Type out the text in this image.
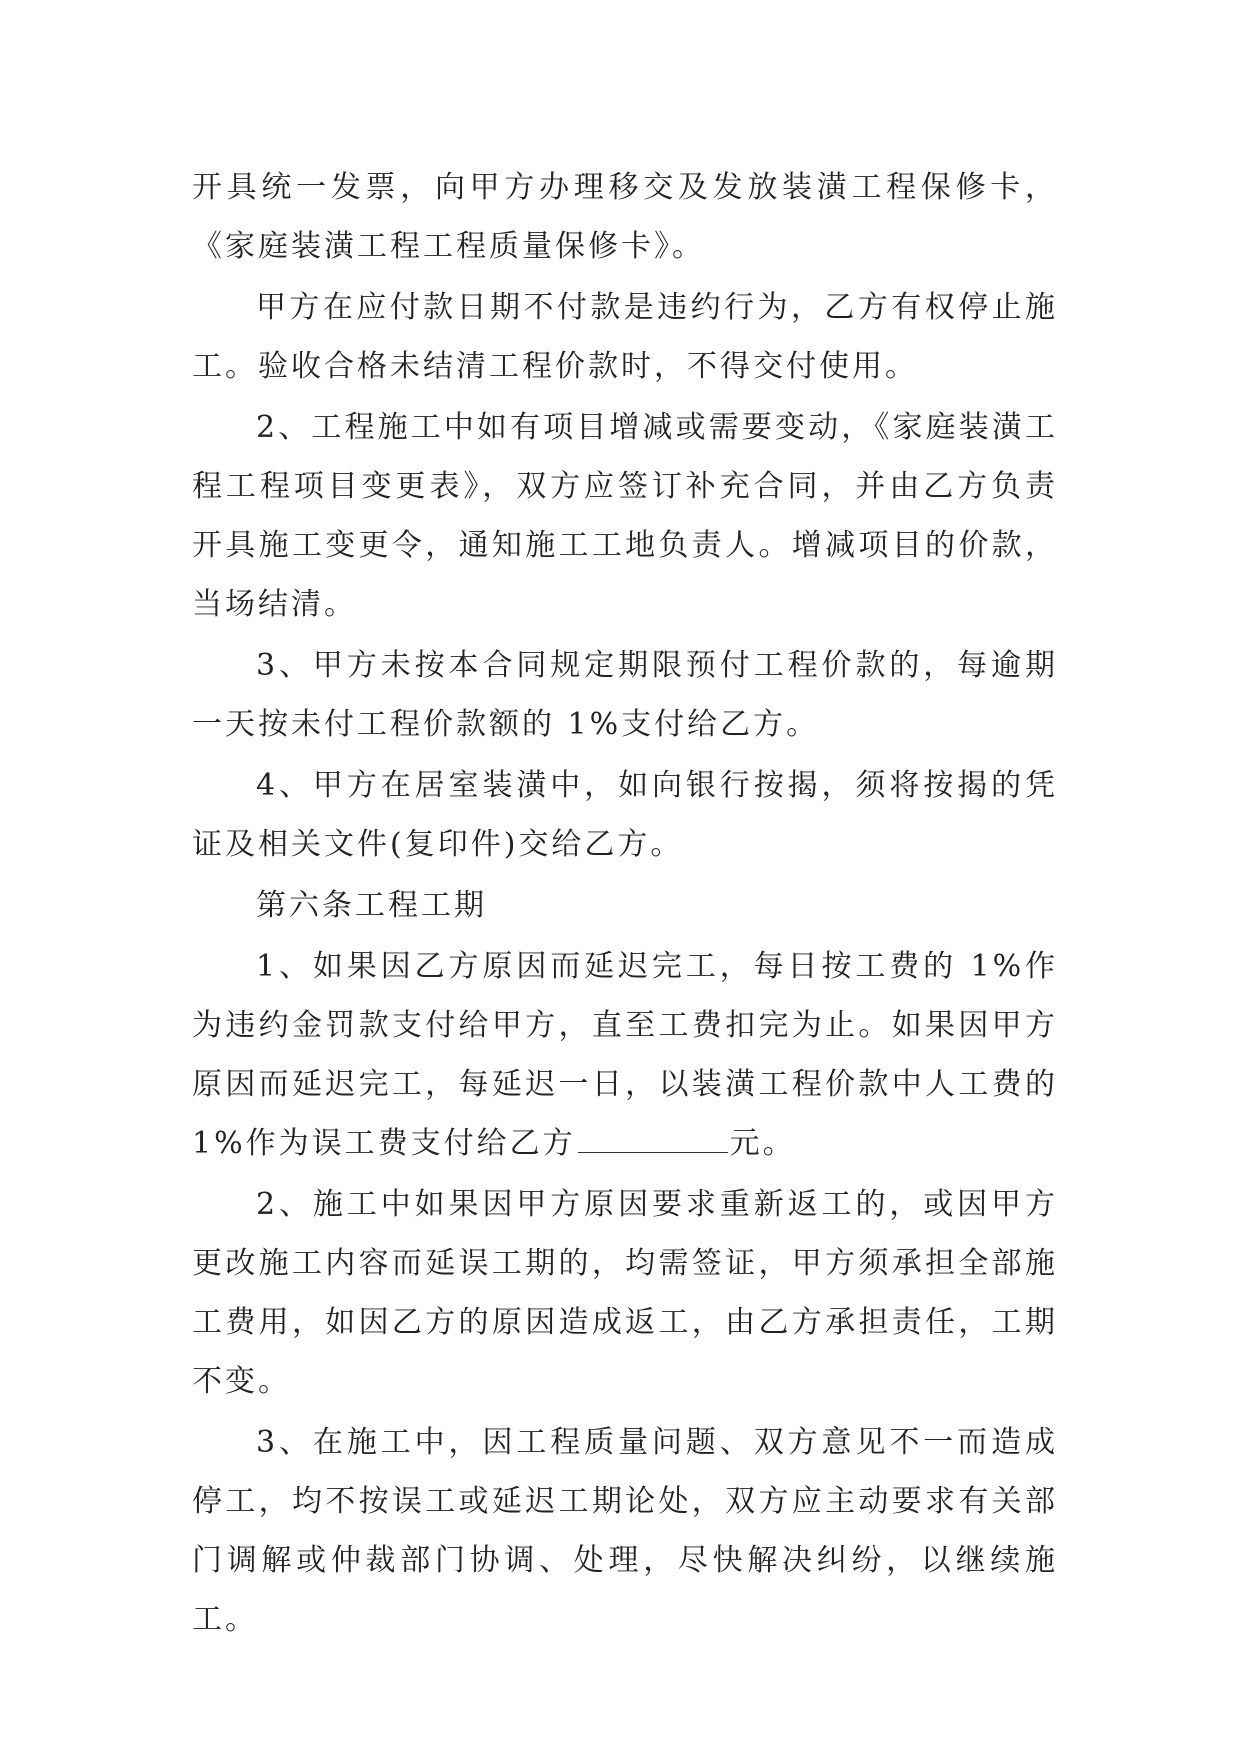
开具统一发票，向甲方办理移交及发放装潢工程保修卡，《家庭装潢工程工程质量保修卡》。

甲方在应付款日期不付款是违约行为，乙方有权停止施工。验收合格未结清工程价款时，不得交付使用。

2、工程施工中如有项目增减或需要变动，《家庭装潢工程工程项目变更表》，双方应签订补充合同，并由乙方负责开具施工变更令，通知施工工地负责人。增减项目的价款，当场结清。

3、甲方未按本合同规定期限预付工程价款的，每逾期一天按未付工程价款额的 1%支付给乙方。

4、甲方在居室装潢中，如向银行按揭，须将按揭的凭证及相关文件(复印件)交给乙方。

第六条工程工期

1、如果因乙方原因而延迟完工，每日按工费的 1%作为违约金罚款支付给甲方，直至工费扣完为止。如果因甲方原因而延迟完工，每延迟一日，以装潢工程价款中人工费的 1%作为误工费支付给乙方	元。

2、施工中如果因甲方原因要求重新返工的，或因甲方更改施工内容而延误工期的，均需签证，甲方须承担全部施工费用，如因乙方的原因造成返工，由乙方承担责任，工期不变。

3、在施工中，因工程质量问题、双方意见不一而造成停工，均不按误工或延迟工期论处，双方应主动要求有关部门调解或仲裁部门协调、处理，尽快解决纠纷，以继续施工。
